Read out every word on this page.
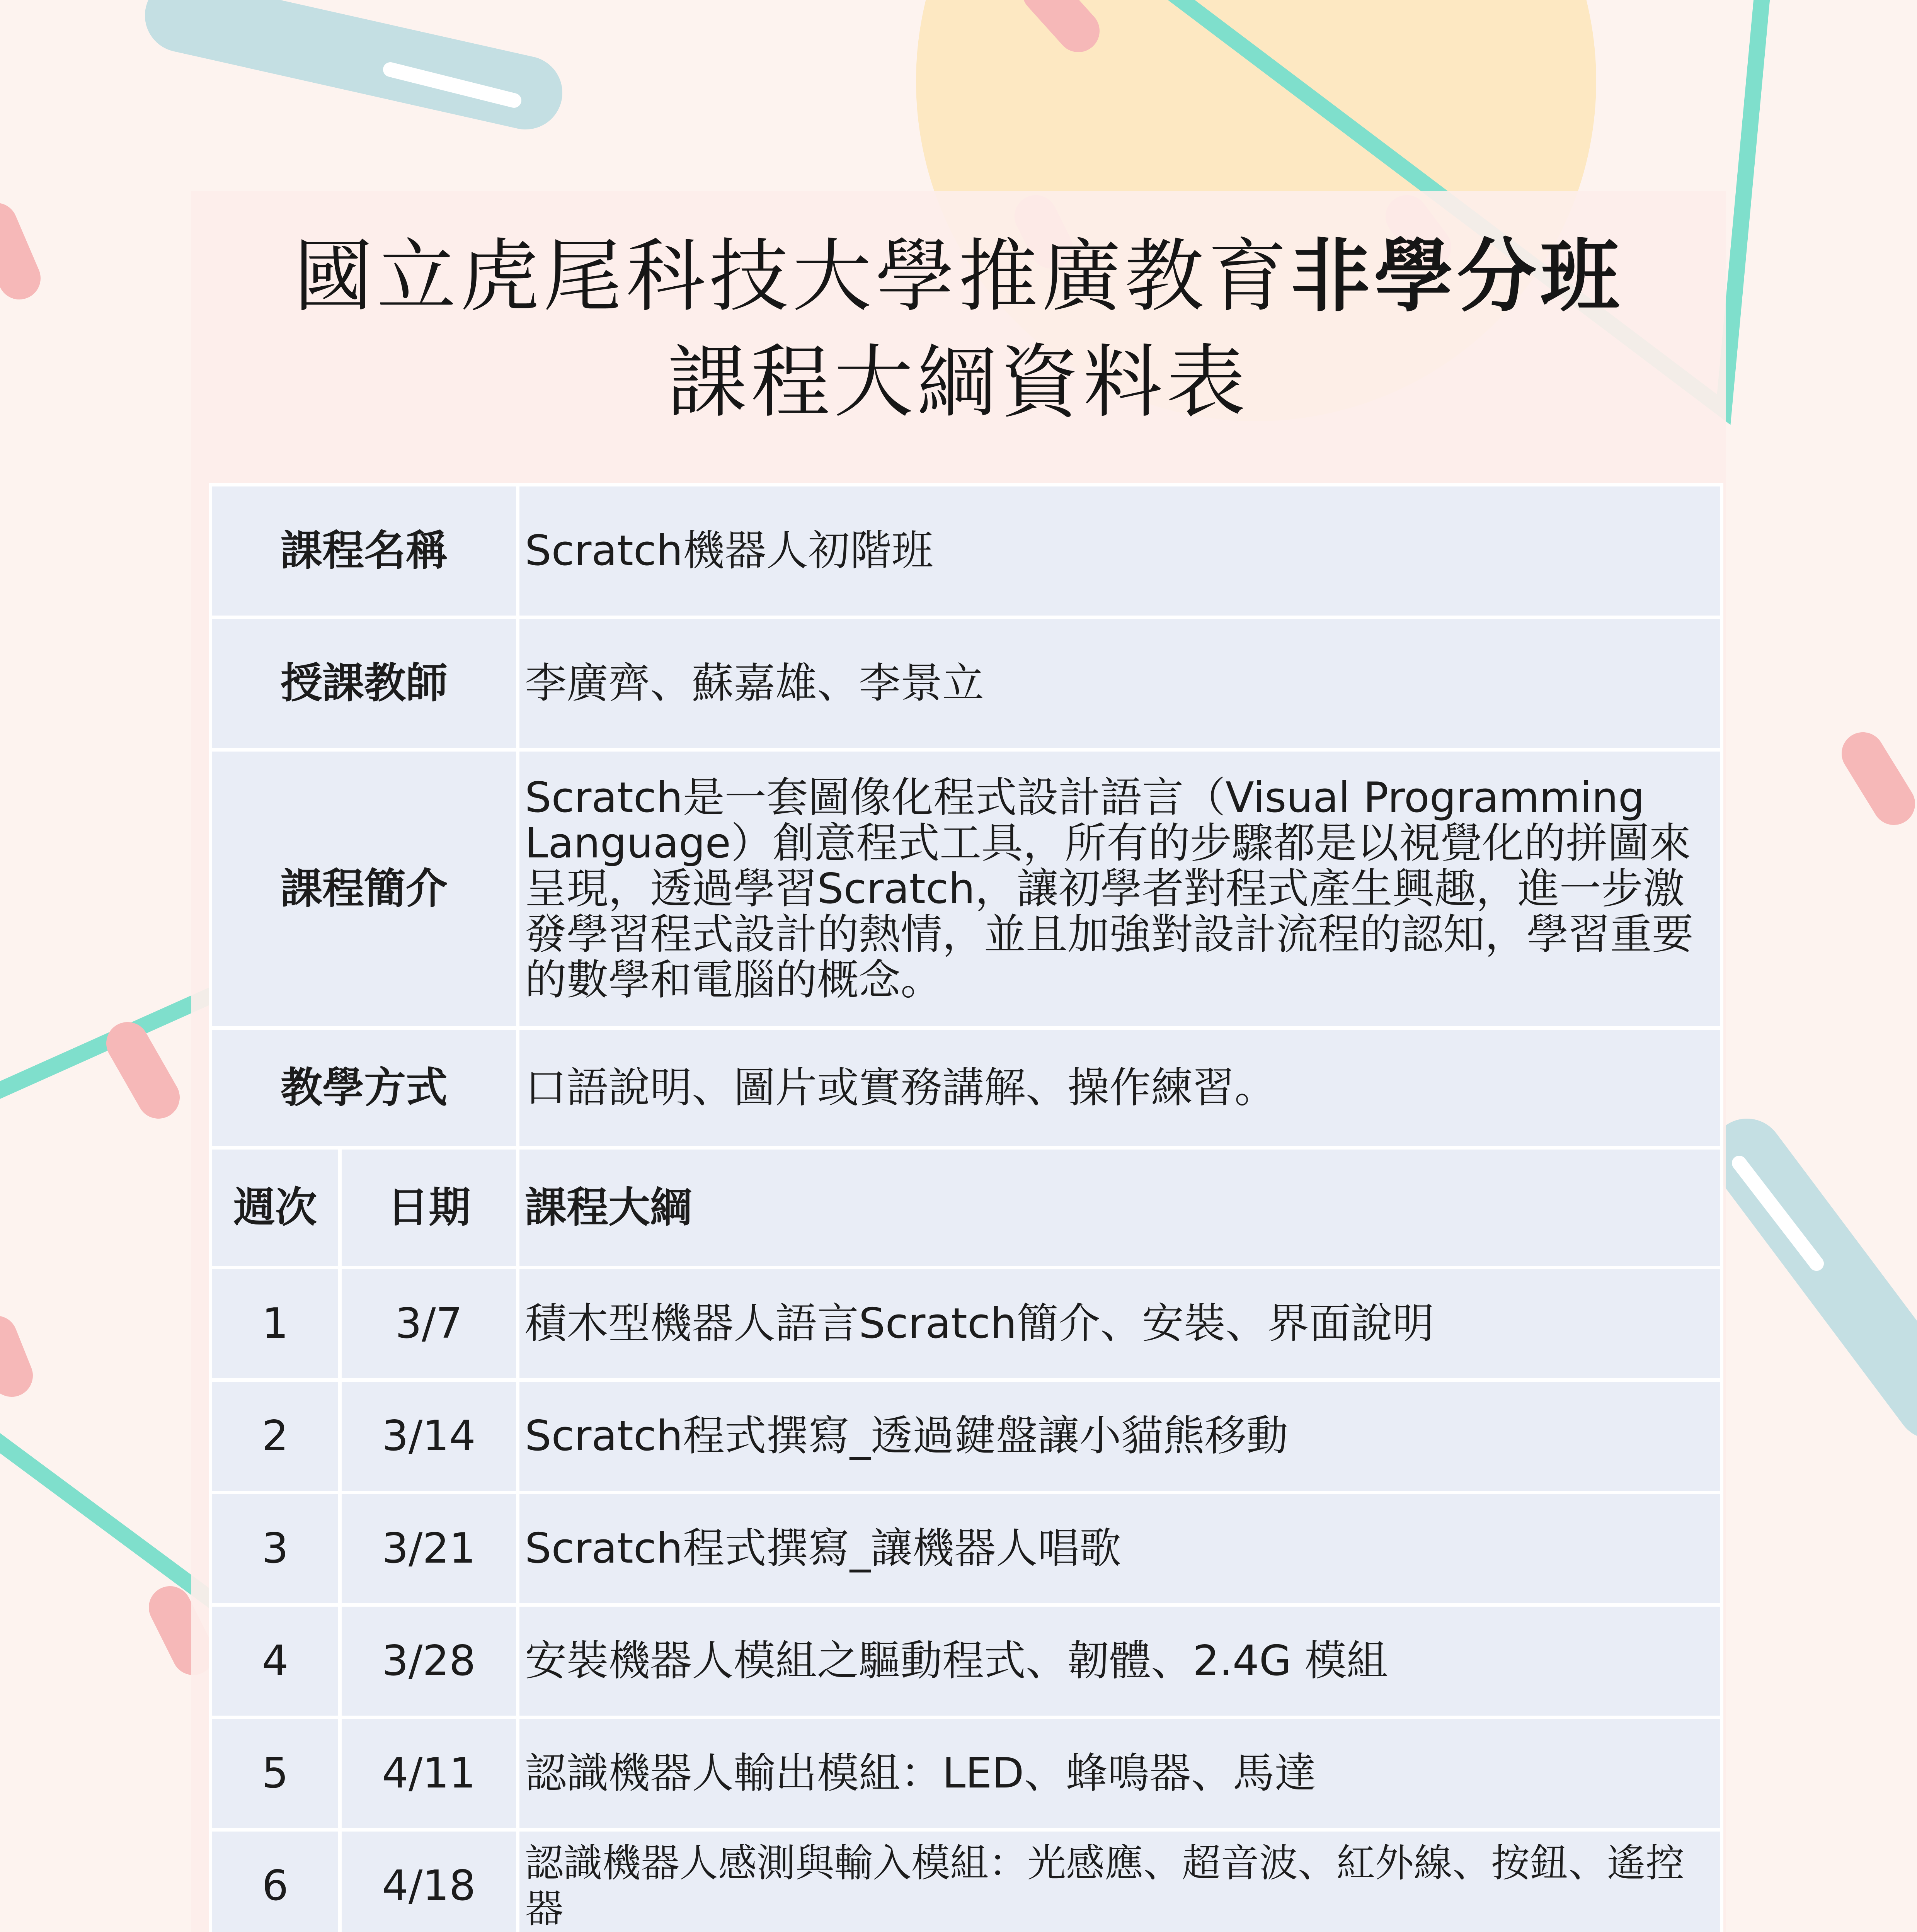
國立虎尾科技大學推廣教育非學分班
課程大綱資料表
課程名稱		Scratch機器人初階班
授課教師		李廣齊、蘇嘉雄、李景立
課程簡介		Scratch是一套圖像化程式設計語言（Visual Programming Language）創意程式工具，所有的步驟都是以視覺化的拼圖來呈現，透過學習Scratch，讓初學者對程式產生興趣，進一步激發學習程式設計的熱情，並且加強對設計流程的認知，學習重要的數學和電腦的概念。
教學方式		口語說明、圖片或實務講解、操作練習。
週次	日期	課程大綱
1	3/7	積木型機器人語言Scratch簡介、安裝、界面說明
2	3/14	Scratch程式撰寫_透過鍵盤讓小貓熊移動
3	3/21	Scratch程式撰寫_讓機器人唱歌
4	3/28	安裝機器人模組之驅動程式、韌體、2.4G 模組
5	4/11	認識機器人輸出模組：LED、蜂鳴器、馬達
6	4/18	認識機器人感測與輸入模組：光感應、超音波、紅外線、按鈕、遙控器
